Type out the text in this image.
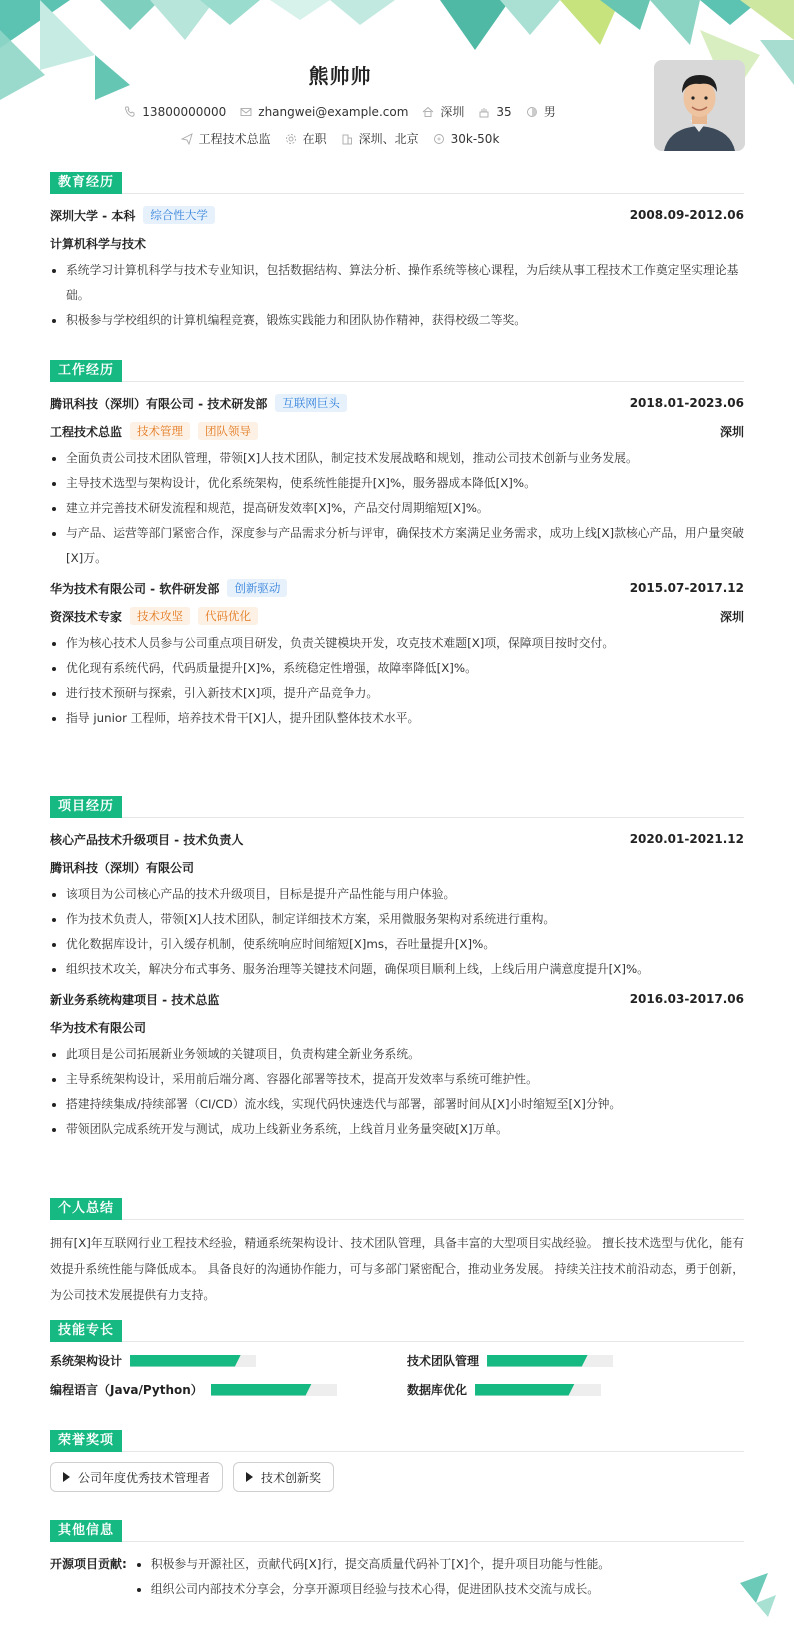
熊帅帅
13800000000	zhangwei@example.com	深圳	35	男
工程技术总监	在职	深圳、北京	30k-50k
教育经历
深圳大学 - 本科	综合性大学	2008.09-2012.06
计算机科学与技术
系统学习计算机科学与技术专业知识，包括数据结构、算法分析、操作系统等核心课程，为后续从事工程技术工作奠定坚实理论基础。
积极参与学校组织的计算机编程竞赛，锻炼实践能力和团队协作精神，获得校级二等奖。
工作经历
腾讯科技（深圳）有限公司 - 技术研发部	互联网巨头	2018.01-2023.06
工程技术总监	技术管理	团队领导	深圳
全面负责公司技术团队管理，带领[X]人技术团队，制定技术发展战略和规划，推动公司技术创新与业务发展。
主导技术选型与架构设计，优化系统架构，使系统性能提升[X]%，服务器成本降低[X]%。
建立并完善技术研发流程和规范，提高研发效率[X]%，产品交付周期缩短[X]%。
与产品、运营等部门紧密合作，深度参与产品需求分析与评审，确保技术方案满足业务需求，成功上线[X]款核心产品，用户量突破[X]万。
华为技术有限公司 - 软件研发部	创新驱动	2015.07-2017.12
资深技术专家	技术攻坚	代码优化	深圳
作为核心技术人员参与公司重点项目研发，负责关键模块开发，攻克技术难题[X]项，保障项目按时交付。
优化现有系统代码，代码质量提升[X]%，系统稳定性增强，故障率降低[X]%。
进行技术预研与探索，引入新技术[X]项，提升产品竞争力。
指导 junior 工程师，培养技术骨干[X]人，提升团队整体技术水平。
项目经历
核心产品技术升级项目 - 技术负责人	2020.01-2021.12
腾讯科技（深圳）有限公司
该项目为公司核心产品的技术升级项目，目标是提升产品性能与用户体验。
作为技术负责人，带领[X]人技术团队，制定详细技术方案，采用微服务架构对系统进行重构。
优化数据库设计，引入缓存机制，使系统响应时间缩短[X]ms，吞吐量提升[X]%。
组织技术攻关，解决分布式事务、服务治理等关键技术问题，确保项目顺利上线，上线后用户满意度提升[X]%。
新业务系统构建项目 - 技术总监	2016.03-2017.06
华为技术有限公司
此项目是公司拓展新业务领域的关键项目，负责构建全新业务系统。
主导系统架构设计，采用前后端分离、容器化部署等技术，提高开发效率与系统可维护性。
搭建持续集成/持续部署（CI/CD）流水线，实现代码快速迭代与部署，部署时间从[X]小时缩短至[X]分钟。
带领团队完成系统开发与测试，成功上线新业务系统，上线首月业务量突破[X]万单。
个人总结

拥有[X]年互联网行业工程技术经验，精通系统架构设计、技术团队管理，具备丰富的大型项目实战经验。 擅长技术选型与优化，能有效提升系统性能与降低成本。 具备良好的沟通协作能力，可与多部门紧密配合，推动业务发展。 持续关注技术前沿动态，勇于创新，为公司技术发展提供有力支持。

技能专长
系统架构设计	技术团队管理
编程语言（Java/Python）	数据库优化
荣誉奖项
公司年度优秀技术管理者	技术创新奖
其他信息
开源项目贡献:	积极参与开源社区，贡献代码[X]行，提交高质量代码补丁[X]个，提升项目功能与性能。
组织公司内部技术分享会，分享开源项目经验与技术心得，促进团队技术交流与成长。
